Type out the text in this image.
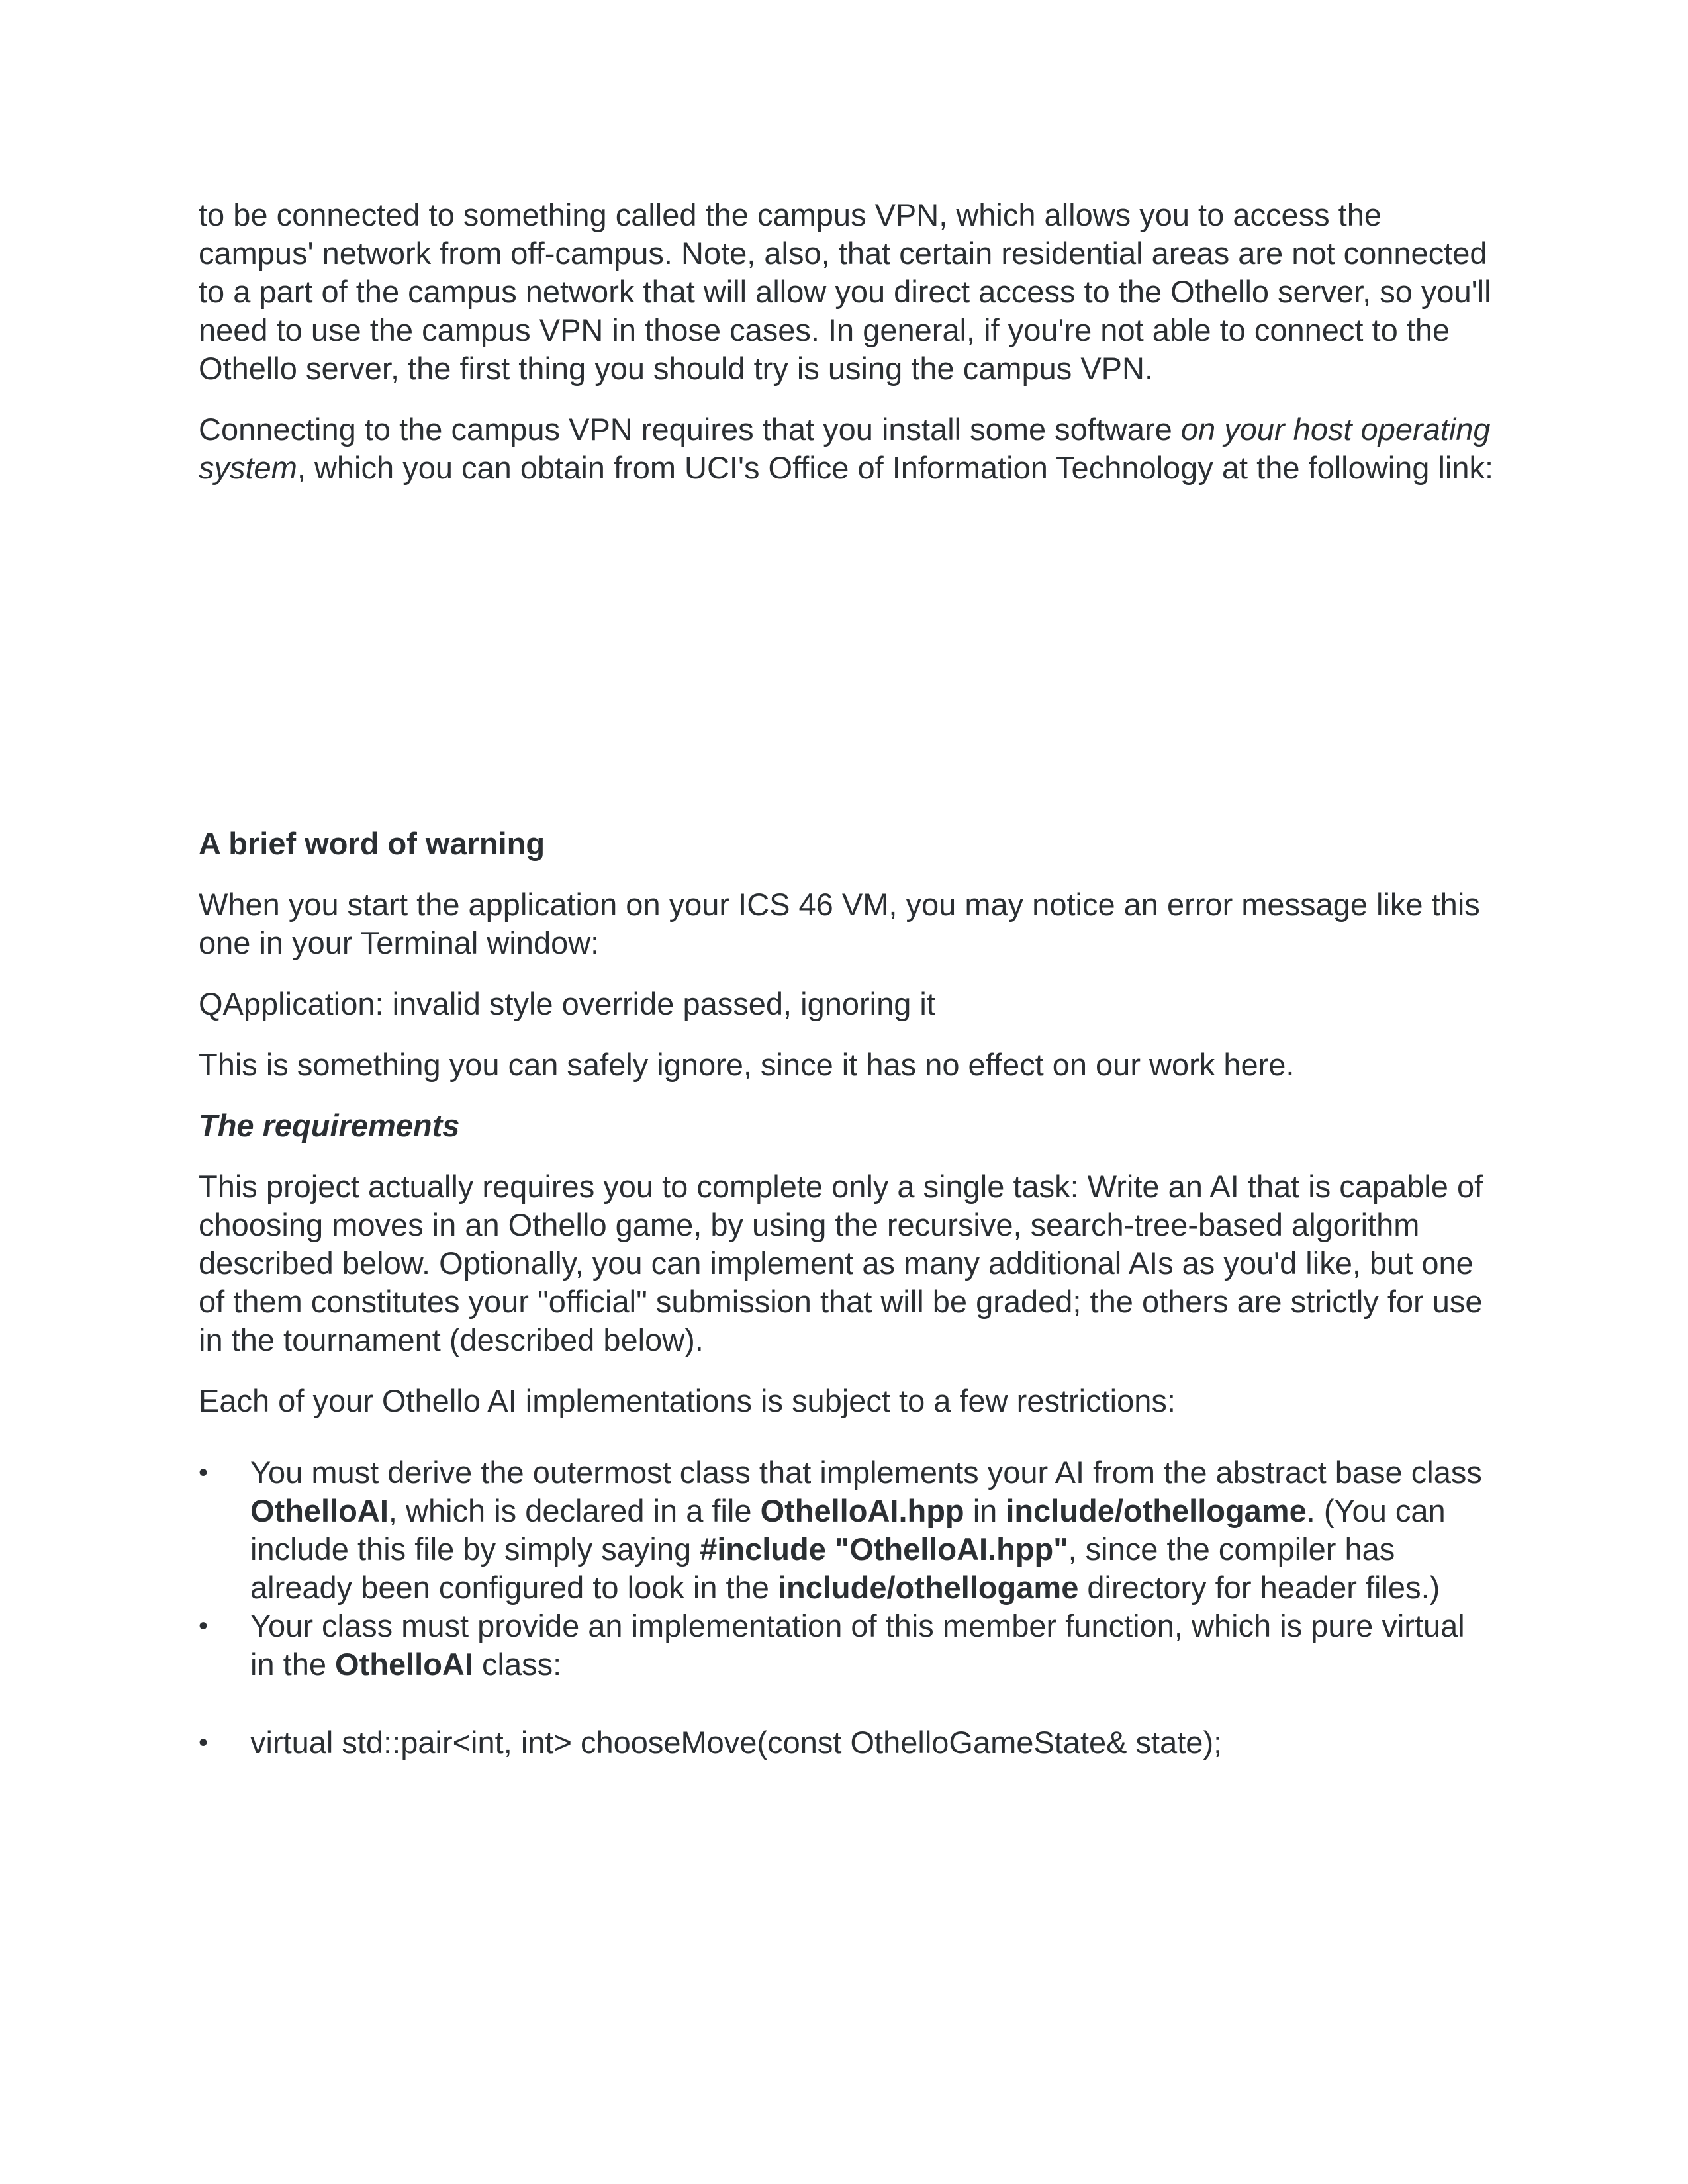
to be connected to something called the campus VPN, which allows you to access the campus' network from off-campus. Note, also, that certain residential areas are not connected to a part of the campus network that will allow you direct access to the Othello server, so you'll need to use the campus VPN in those cases. In general, if you're not able to connect to the Othello server, the first thing you should try is using the campus VPN.

Connecting to the campus VPN requires that you install some software on your host operating system, which you can obtain from UCI's Office of Information Technology at the following link:

A brief word of warning

When you start the application on your ICS 46 VM, you may notice an error message like this one in your Terminal window:

QApplication: invalid style override passed, ignoring it

This is something you can safely ignore, since it has no effect on our work here.

The requirements

This project actually requires you to complete only a single task: Write an AI that is capable of choosing moves in an Othello game, by using the recursive, search-tree-based algorithm described below. Optionally, you can implement as many additional AIs as you'd like, but one of them constitutes your "official" submission that will be graded; the others are strictly for use in the tournament (described below).

Each of your Othello AI implementations is subject to a few restrictions:

• You must derive the outermost class that implements your AI from the abstract base class OthelloAI, which is declared in a file OthelloAI.hpp in include/othellogame. (You can include this file by simply saying #include "OthelloAI.hpp", since the compiler has already been configured to look in the include/othellogame directory for header files.)
• Your class must provide an implementation of this member function, which is pure virtual in the OthelloAI class:
• virtual std::pair<int, int> chooseMove(const OthelloGameState& state);
